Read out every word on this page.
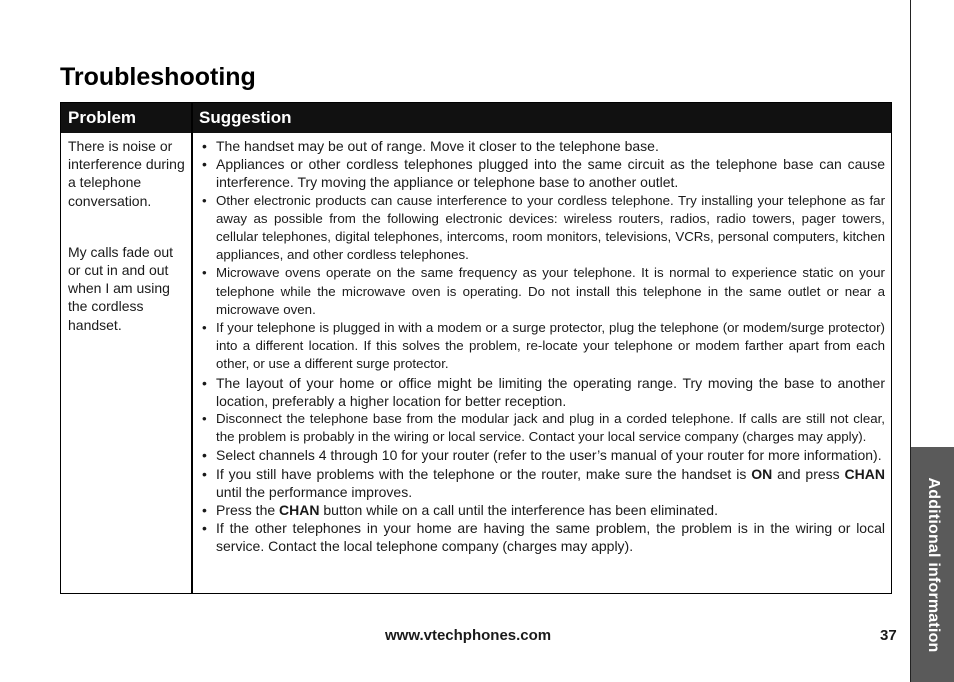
Additional information
Troubleshooting
Problem	Suggestion

There is noise or interference during a telephone conversation.

My calls fade out or cut in and out when I am using the cordless handset.

• The handset may be out of range. Move it closer to the telephone base.
• Appliances or other cordless telephones plugged into the same circuit as the telephone base can cause interference. Try moving the appliance or telephone base to another outlet.
• Other electronic products can cause interference to your cordless telephone. Try installing your telephone as far away as possible from the following electronic devices: wireless routers, radios, radio towers, pager towers, cellular telephones, digital telephones, intercoms, room monitors, televisions, VCRs, personal computers, kitchen appliances, and other cordless telephones.
• Microwave ovens operate on the same frequency as your telephone. It is normal to experience static on your telephone while the microwave oven is operating. Do not install this telephone in the same outlet or near a microwave oven.
• If your telephone is plugged in with a modem or a surge protector, plug the telephone (or modem/surge protector) into a different location. If this solves the problem, re-locate your telephone or modem farther apart from each other, or use a different surge protector.
• The layout of your home or office might be limiting the operating range. Try moving the base to another location, preferably a higher location for better reception.
• Disconnect the telephone base from the modular jack and plug in a corded telephone. If calls are still not clear, the problem is probably in the wiring or local service. Contact your local service company (charges may apply).
• Select channels 4 through 10 for your router (refer to the user’s manual of your router for more information).
• If you still have problems with the telephone or the router, make sure the handset is ON and press CHAN until the performance improves.
• Press the CHAN button while on a call until the interference has been eliminated.
• If the other telephones in your home are having the same problem, the problem is in the wiring or local service. Contact the local telephone company (charges may apply).
www.vtechphones.com	37
